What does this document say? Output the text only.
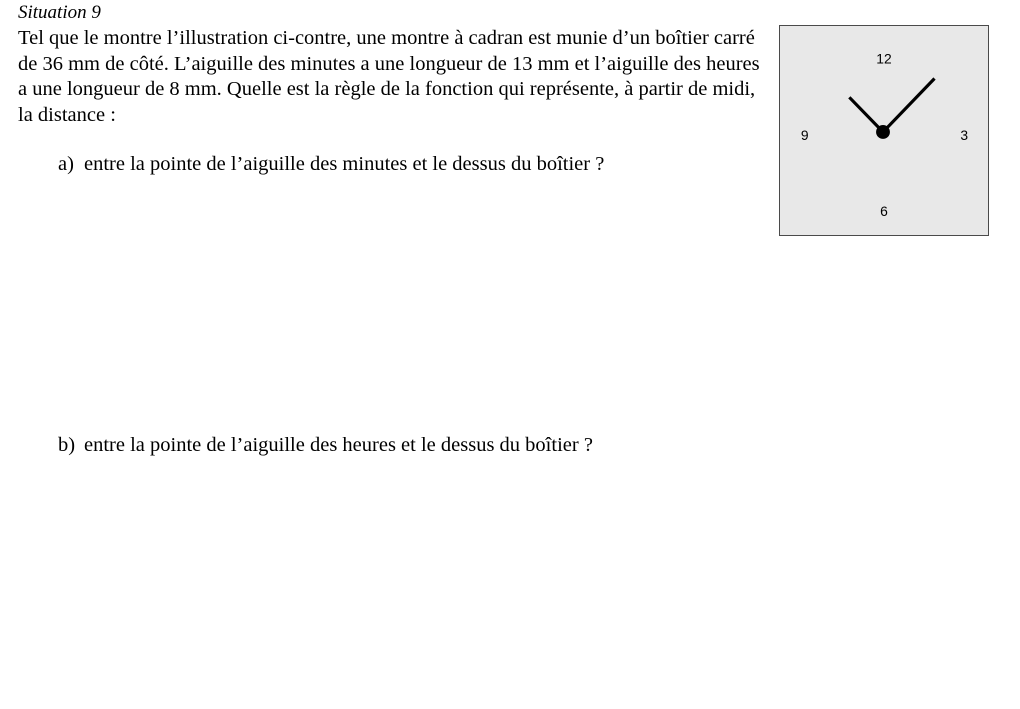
Situation 9
Tel que le montre l’illustration ci-contre, une montre à cadran est munie d’un boîtier carré de 36 mm de côté. L’aiguille des minutes a une longueur de 13 mm et l’aiguille des heures a une longueur de 8 mm. Quelle est la règle de la fonction qui représente, à partir de midi, la distance :
a) entre la pointe de l’aiguille des minutes et le dessus du boîtier ?
b) entre la pointe de l’aiguille des heures et le dessus du boîtier ?
12
3
6
9
